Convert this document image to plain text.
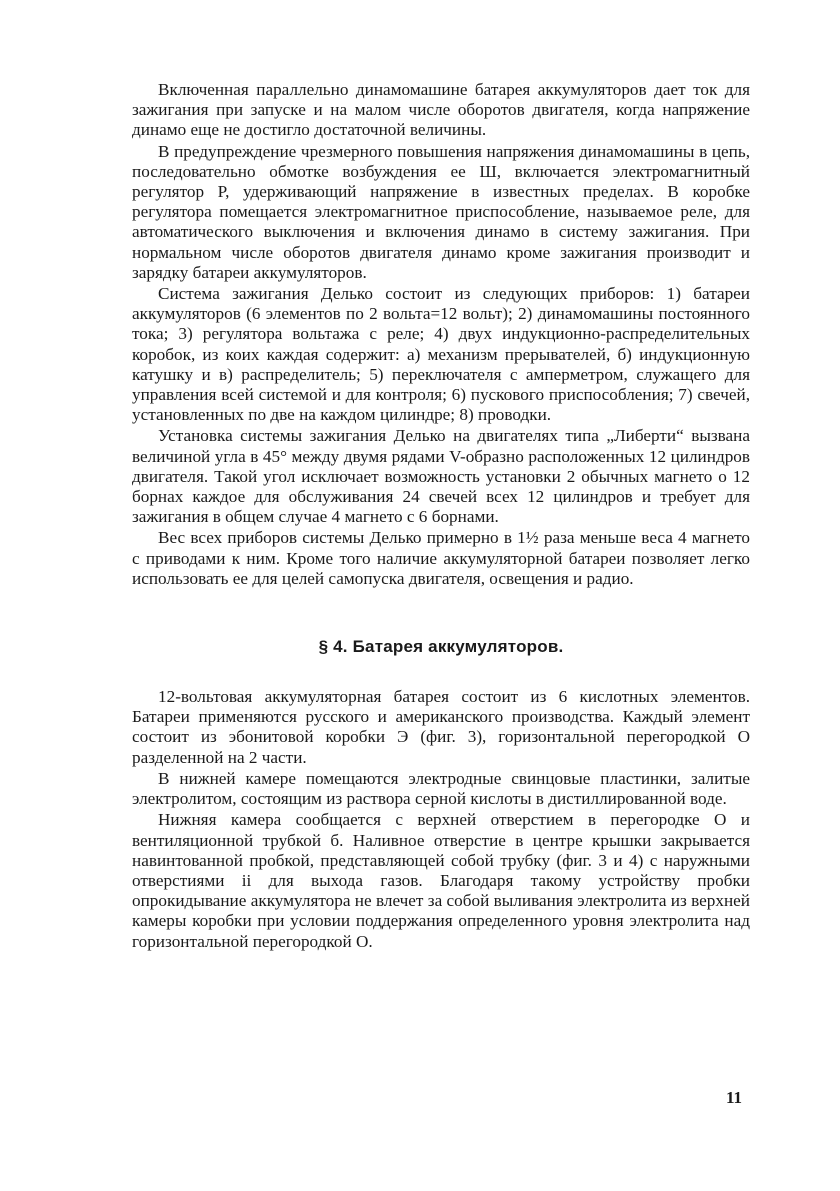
Включенная параллельно динамомашине батарея аккумуляторов дает ток для зажигания при запуске и на малом числе оборотов двигателя, когда напряжение динамо еще не достигло достаточной величины.

В предупреждение чрезмерного повышения напряжения динамомашины в цепь, последовательно обмотке возбуждения ее Ш, включается электромагнитный регулятор Р, удерживающий напряжение в известных пределах. В коробке регулятора помещается электромагнитное приспособление, называемое реле, для автоматического выключения и включения динамо в систему зажигания. При нормальном числе оборотов двигателя динамо кроме зажигания производит и зарядку батареи аккумуляторов.

Система зажигания Делько состоит из следующих приборов: 1) батареи аккумуляторов (6 элементов по 2 вольта=12 вольт); 2) динамомашины постоянного тока; 3) регулятора вольтажа с реле; 4) двух индукционно-распределительных коробок, из коих каждая содержит: а) механизм прерывателей, б) индукционную катушку и в) распределитель; 5) переключателя с амперметром, служащего для управления всей системой и для контроля; 6) пускового приспособления; 7) свечей, установленных по две на каждом цилиндре; 8) проводки.

Установка системы зажигания Делько на двигателях типа „Либерти“ вызвана величиной угла в 45° между двумя рядами V-образно расположенных 12 цилиндров двигателя. Такой угол исключает возможность установки 2 обычных магнето о 12 борнах каждое для обслуживания 24 свечей всех 12 цилиндров и требует для зажигания в общем случае 4 магнето с 6 борнами.

Вес всех приборов системы Делько примерно в 1½ раза меньше веса 4 магнето с приводами к ним. Кроме того наличие аккумуляторной батареи позволяет легко использовать ее для целей самопуска двигателя, освещения и радио.

§ 4. Батарея аккумуляторов.

12-вольтовая аккумуляторная батарея состоит из 6 кислотных элементов. Батареи применяются русского и американского производства. Каждый элемент состоит из эбонитовой коробки Э (фиг. 3), горизонтальной перегородкой О разделенной на 2 части.

В нижней камере помещаются электродные свинцовые пластинки, залитые электролитом, состоящим из раствора серной кислоты в дистиллированной воде.

Нижняя камера сообщается с верхней отверстием в перегородке О и вентиляционной трубкой б. Наливное отверстие в центре крышки закрывается навинтованной пробкой, представляющей собой трубку (фиг. 3 и 4) с наружными отверстиями ii для выхода газов. Благодаря такому устройству пробки опрокидывание аккумулятора не влечет за собой выливания электролита из верхней камеры коробки при условии поддержания определенного уровня электролита над горизонтальной перегородкой О.

11
